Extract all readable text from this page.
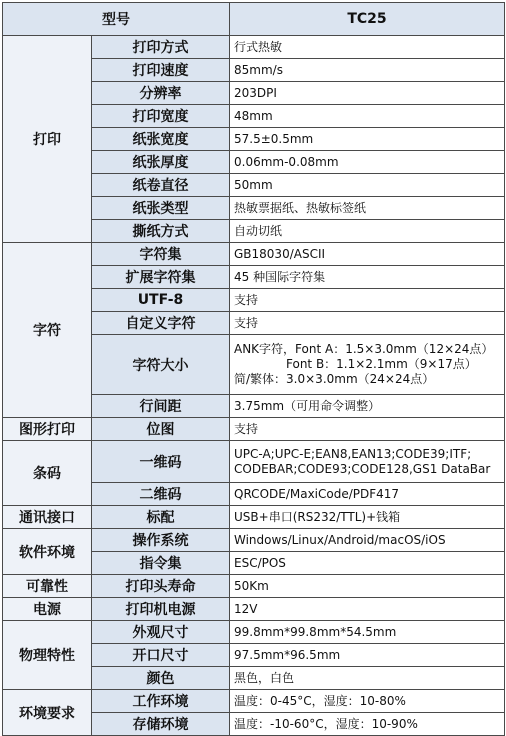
型号		TC25
打印	打印方式	行式热敏
	打印速度	85mm/s
	分辨率	203DPI
	打印宽度	48mm
	纸张宽度	57.5±0.5mm
	纸张厚度	0.06mm-0.08mm
	纸卷直径	50mm
	纸张类型	热敏票据纸、热敏标签纸
	撕纸方式	自动切纸
字符	字符集	GB18030/ASCII
	扩展字符集	45 种国际字符集
	UTF-8	支持
	自定义字符	支持
	字符大小	ANK字符，Font A：1.5×3.0mm（12×24点）
Font B：1.1×2.1mm（9×17点）
简/繁体：3.0×3.0mm（24×24点）

	行间距	3.75mm（可用命令调整）
图形打印	位图	支持
条码	一维码	UPC-A;UPC-E;EAN8,EAN13;CODE39;ITF;
CODEBAR;CODE93;CODE128,GS1 DataBar

	二维码	QRCODE/MaxiCode/PDF417
通讯接口	标配	USB+串口(RS232/TTL)+钱箱
软件环境	操作系统	Windows/Linux/Android/macOS/iOS
	指令集	ESC/POS
可靠性	打印头寿命	50Km
电源	打印机电源	12V
物理特性	外观尺寸	99.8mm*99.8mm*54.5mm
	开口尺寸	97.5mm*96.5mm
	颜色	黑色，白色
环境要求	工作环境	温度：0-45°C，湿度：10-80%
	存储环境	温度：-10-60°C，湿度：10-90%
